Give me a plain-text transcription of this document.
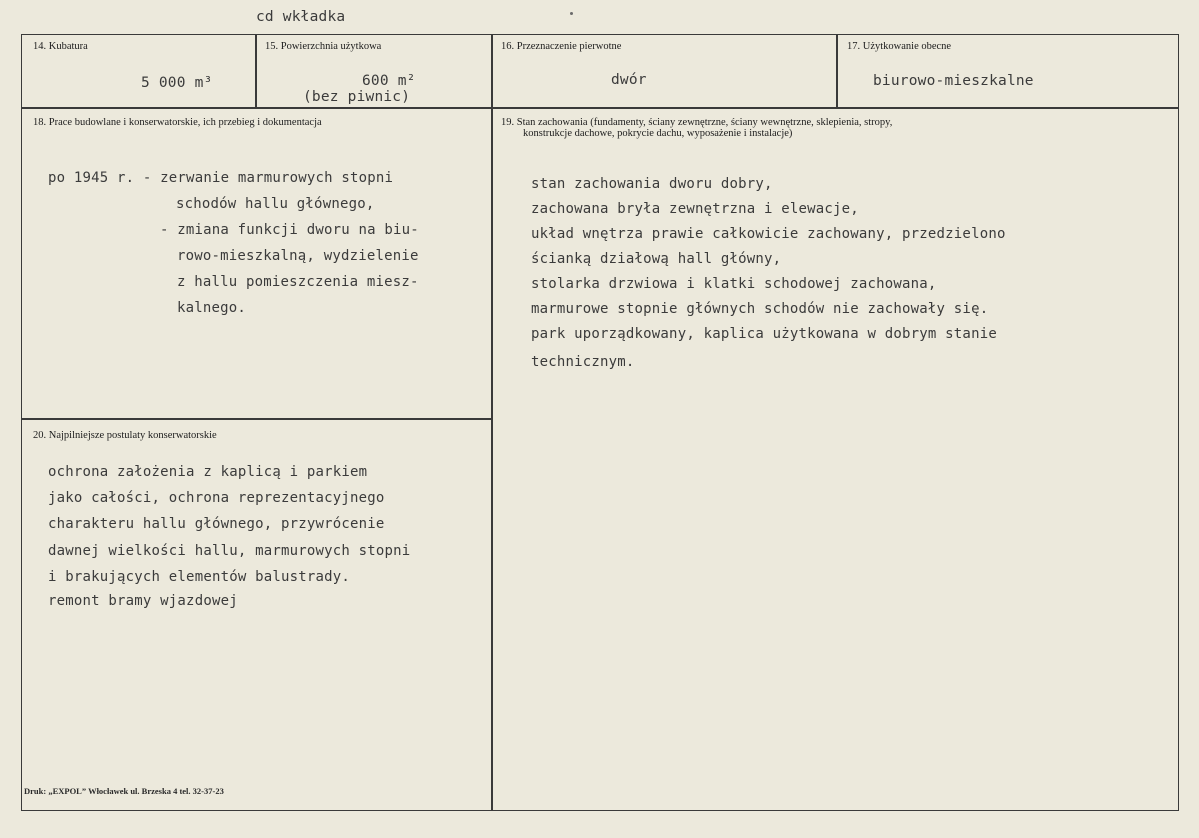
cd wkładka
14. Kubatura
5 000 m³
15. Powierzchnia użytkowa
600 m²
(bez piwnic)
16. Przeznaczenie pierwotne
dwór
17. Użytkowanie obecne
biurowo-mieszkalne
18. Prace budowlane i konserwatorskie, ich przebieg i dokumentacja
po 1945 r. - zerwanie marmurowych stopni
schodów hallu głównego,
- zmiana funkcji dworu na biu-
rowo-mieszkalną, wydzielenie
z hallu pomieszczenia miesz-
kalnego.
19. Stan zachowania (fundamenty, ściany zewnętrzne, ściany wewnętrzne, sklepienia, stropy,
konstrukcje dachowe, pokrycie dachu, wyposażenie i instalacje)
stan zachowania dworu dobry,
zachowana bryła zewnętrzna i elewacje,
układ wnętrza prawie całkowicie zachowany, przedzielono
ścianką działową hall główny,
stolarka drzwiowa i klatki schodowej zachowana,
marmurowe stopnie głównych schodów nie zachowały się.
park uporządkowany, kaplica użytkowana w dobrym stanie
technicznym.
20. Najpilniejsze postulaty konserwatorskie
ochrona założenia z kaplicą i parkiem
jako całości, ochrona reprezentacyjnego
charakteru hallu głównego, przywrócenie
dawnej wielkości hallu, marmurowych stopni
i brakujących elementów balustrady.
remont bramy wjazdowej
Druk: „EXPOL” Włocławek ul. Brzeska 4 tel. 32-37-23
